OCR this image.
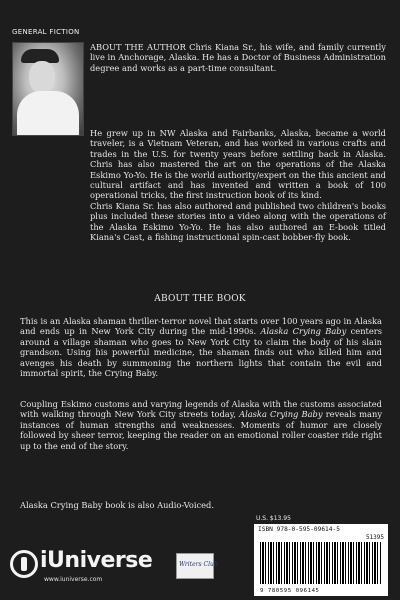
GENERAL FICTION
ABOUT THE AUTHOR Chris Kiana Sr., his wife, and family currently live in Anchorage, Alaska. He has a Doctor of Business Administration degree and works as a part-time consultant.

He grew up in NW Alaska and Fairbanks, Alaska, became a world traveler, is a Vietnam Veteran, and has worked in various crafts and trades in the U.S. for twenty years before settling back in Alaska. Chris has also mastered the art on the operations of the Alaska Eskimo Yo-Yo. He is the world authority/expert on the this ancient and cultural artifact and has invented and written a book of 100 operational tricks, the first instruction book of its kind.

Chris Kiana Sr. has also authored and published two children's books plus included these stories into a video along with the operations of the Alaska Eskimo Yo-Yo. He has also authored an E-book titled Kiana's Cast, a fishing instructional spin-cast bobber-fly book.

ABOUT THE BOOK
This is an Alaska shaman thriller-terror novel that starts over 100 years ago in Alaska and ends up in New York City during the mid-1990s. Alaska Crying Baby centers around a village shaman who goes to New York City to claim the body of his slain grandson. Using his powerful medicine, the shaman finds out who killed him and avenges his death by summoning the northern lights that contain the evil and immortal spirit, the Crying Baby.
Coupling Eskimo customs and varying legends of Alaska with the customs associated with walking through New York City streets today, Alaska Crying Baby reveals many instances of human strengths and weaknesses. Moments of humor are closely followed by sheer terror, keeping the reader on an emotional roller coaster ride right up to the end of the story.
Alaska Crying Baby book is also Audio-Voiced.
U.S. $13.95
ISBN 978-0-595-09614-5
51395
9 780595 096145
iUniverse
www.iuniverse.com
Writers Club
